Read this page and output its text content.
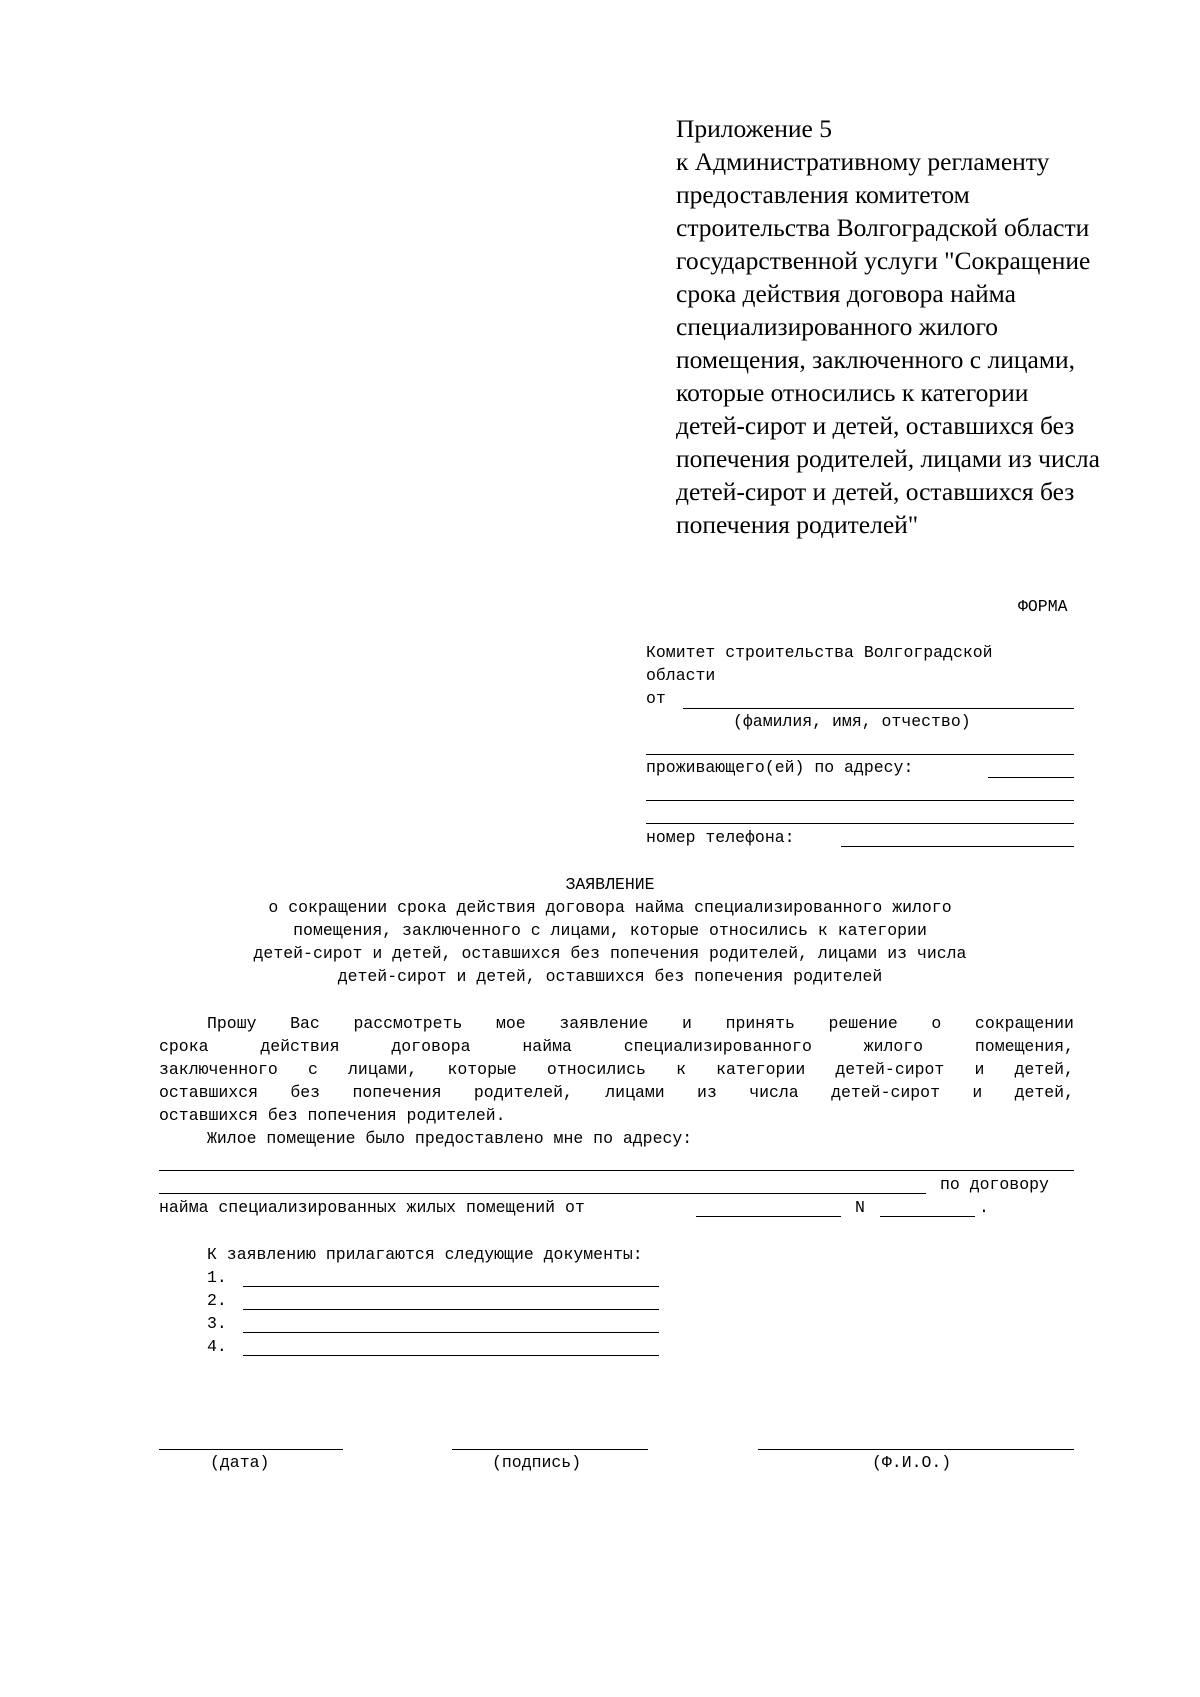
Приложение 5
к Административному регламенту
предоставления комитетом
строительства Волгоградской области
государственной услуги "Сокращение
срока действия договора найма
специализированного жилого
помещения, заключенного с лицами,
которые относились к категории
детей-сирот и детей, оставшихся без
попечения родителей, лицами из числа
детей-сирот и детей, оставшихся без
попечения родителей"
ФОРМА
Комитет строительства Волгоградской
области
от
(фамилия, имя, отчество)
проживающего(ей) по адресу:
номер телефона:
ЗАЯВЛЕНИЕ
о сокращении срока действия договора найма специализированного жилого
помещения, заключенного с лицами, которые относились к категории
детей-сирот и детей, оставшихся без попечения родителей, лицами из числа
детей-сирот и детей, оставшихся без попечения родителей
Прошу Вас рассмотреть мое заявление и принять решение о сокращении
срока	действия	договора	найма	специализированного	жилого	помещения,
заключенного с лицами, которые относились к категории детей-сирот и детей,
оставшихся без попечения родителей, лицами из числа детей-сирот и детей,
оставшихся без попечения родителей.
Жилое помещение было предоставлено мне по адресу:
по договору
найма специализированных жилых помещений от	N	.
К заявлению прилагаются следующие документы:
1.
2.
3.
4.
(дата)	(подпись)	(Ф.И.О.)
